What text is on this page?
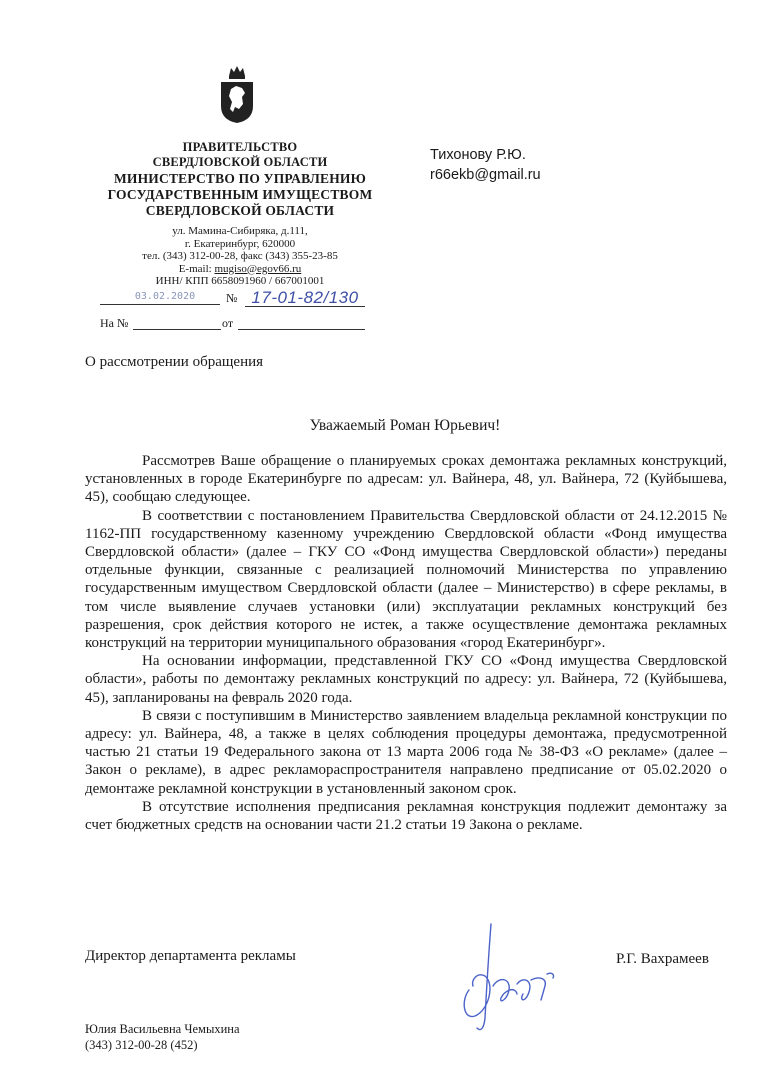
ПРАВИТЕЛЬСТВО
СВЕРДЛОВСКОЙ ОБЛАСТИ
МИНИСТЕРСТВО ПО УПРАВЛЕНИЮ
ГОСУДАРСТВЕННЫМ ИМУЩЕСТВОМ
СВЕРДЛОВСКОЙ ОБЛАСТИ
ул. Мамина-Сибиряка, д.111,
г. Екатеринбург, 620000
тел. (343) 312-00-28, факс (343) 355-23-85
E-mail: mugiso@egov66.ru
ИНН/ КПП 6658091960 / 667001001
03.02.2020	№ 17-01-82/130
На №	от
Тихонову Р.Ю.
r66ekb@gmail.ru
О рассмотрении обращения
Уважаемый Роман Юрьевич!

Рассмотрев Ваше обращение о планируемых сроках демонтажа рекламных конструкций, установленных в городе Екатеринбурге по адресам: ул. Вайнера, 48, ул. Вайнера, 72 (Куйбышева, 45), сообщаю следующее.

В соответствии с постановлением Правительства Свердловской области от 24.12.2015 № 1162-ПП государственному казенному учреждению Свердловской области «Фонд имущества Свердловской области» (далее – ГКУ СО «Фонд имущества Свердловской области») переданы отдельные функции, связанные с реализацией полномочий Министерства по управлению государственным имуществом Свердловской области (далее – Министерство) в сфере рекламы, в том числе выявление случаев установки (или) эксплуатации рекламных конструкций без разрешения, срок действия которого не истек, а также осуществление демонтажа рекламных конструкций на территории муниципального образования «город Екатеринбург».

На основании информации, представленной ГКУ СО «Фонд имущества Свердловской области», работы по демонтажу рекламных конструкций по адресу: ул. Вайнера, 72 (Куйбышева, 45), запланированы на февраль 2020 года.

В связи с поступившим в Министерство заявлением владельца рекламной конструкции по адресу: ул. Вайнера, 48, а также в целях соблюдения процедуры демонтажа, предусмотренной частью 21 статьи 19 Федерального закона от 13 марта 2006 года № 38-ФЗ «О рекламе» (далее – Закон о рекламе), в адрес рекламораспространителя направлено предписание от 05.02.2020 о демонтаже рекламной конструкции в установленный законом срок.

В отсутствие исполнения предписания рекламная конструкция подлежит демонтажу за счет бюджетных средств на основании части 21.2 статьи 19 Закона о рекламе.

Директор департамента рекламы	Р.Г. Вахрамеев
Юлия Васильевна Чемыхина
(343) 312-00-28 (452)
